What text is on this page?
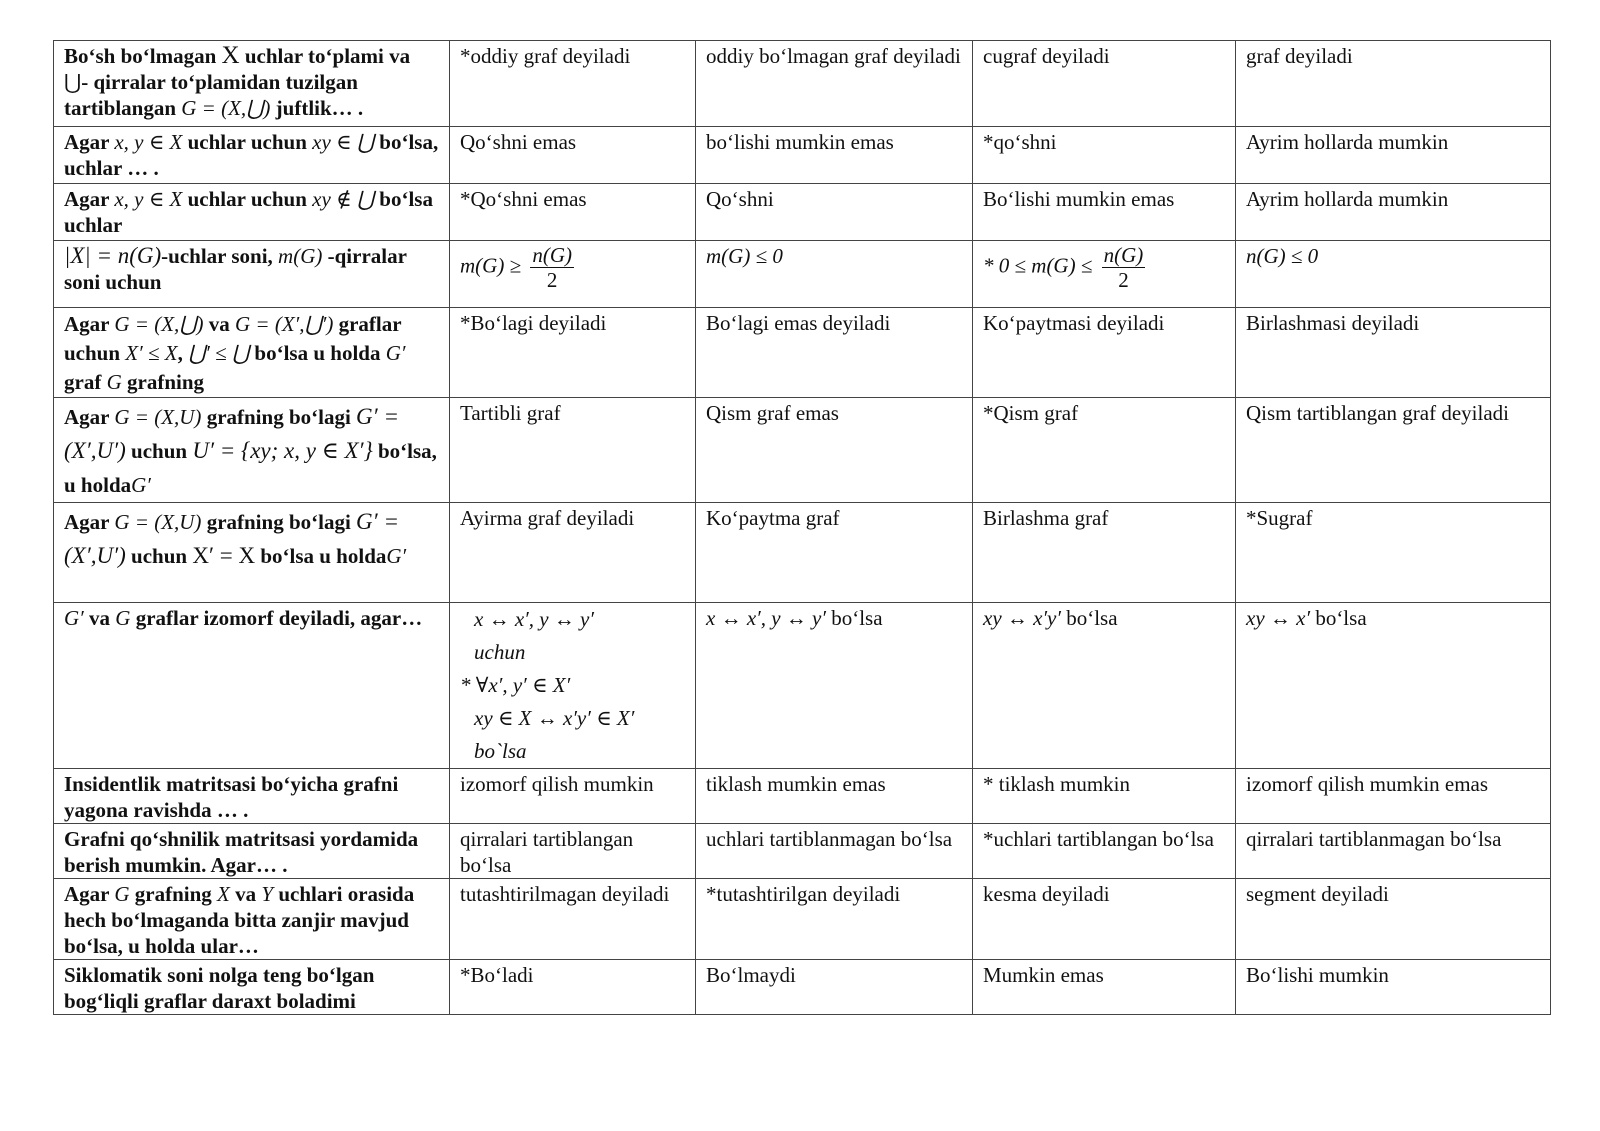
Bo‘sh bo‘lmagan X uchlar to‘plami va ⋃- qirralar to‘plamidan tuzilgan tartiblangan G = (X,⋃) juftlik… .	*oddiy graf deyiladi	oddiy bo‘lmagan graf deyiladi	cugraf deyiladi	graf deyiladi
Agar x, y ∈ X uchlar uchun xy ∈ ⋃ bo‘lsa, uchlar … .	Qo‘shni emas	bo‘lishi mumkin emas	*qo‘shni	Ayrim hollarda mumkin
Agar x, y ∈ X uchlar uchun xy ∉ ⋃ bo‘lsa uchlar	*Qo‘shni emas	Qo‘shni	Bo‘lishi mumkin emas	Ayrim hollarda mumkin
|X| = n(G)-uchlar soni, m(G) -qirralar soni uchun	$m(G) \ge \frac{n(G)}{2}$	m(G) ≤ 0	* $0 \le m(G) \le \frac{n(G)}{2}$	n(G) ≤ 0
Agar G = (X,⋃) va G = (X′,⋃′) graflar uchun X′ ≤ X, ⋃′ ≤ ⋃ bo‘lsa u holda G′ graf G grafning	*Bo‘lagi deyiladi	Bo‘lagi emas deyiladi	Ko‘paytmasi deyiladi	Birlashmasi deyiladi
Agar G = (X,U) grafning bo‘lagi G′ = (X′,U′) uchun U′ = {xy; x, y ∈ X′} bo‘lsa, u holdaG′	Tartibli graf	Qism graf emas	*Qism graf	Qism tartiblangan graf deyiladi
Agar G = (X,U) grafning bo‘lagi G′ = (X′,U′) uchun X′ = X bo‘lsa u holdaG′	Ayirma graf deyiladi	Ko‘paytma graf	Birlashma graf	*Sugraf
G′ va G graflar izomorf deyiladi, agar…	x ↔ x′, y ↔ y′
uchun
* ∀x′, y′ ∈ X′
xy ∈ X ↔ x′y′ ∈ X′
bo`lsa	x ↔ x′, y ↔ y′ bo‘lsa	xy ↔ x′y′ bo‘lsa	xy ↔ x′ bo‘lsa
Insidentlik matritsasi bo‘yicha grafni yagona ravishda … .	izomorf qilish mumkin	tiklash mumkin emas	* tiklash mumkin	izomorf qilish mumkin emas
Grafni qo‘shnilik matritsasi yordamida berish mumkin. Agar… .	qirralari tartiblangan bo‘lsa	uchlari tartiblanmagan bo‘lsa	*uchlari tartiblangan bo‘lsa	qirralari tartiblanmagan bo‘lsa
Agar G grafning X va Y uchlari orasida hech bo‘lmaganda bitta zanjir mavjud bo‘lsa, u holda ular…	tutashtirilmagan deyiladi	*tutashtirilgan deyiladi	kesma deyiladi	segment deyiladi
Siklomatik soni nolga teng bo‘lgan bog‘liqli graflar daraxt boladimi	*Bo‘ladi	Bo‘lmaydi	Mumkin emas	Bo‘lishi mumkin
